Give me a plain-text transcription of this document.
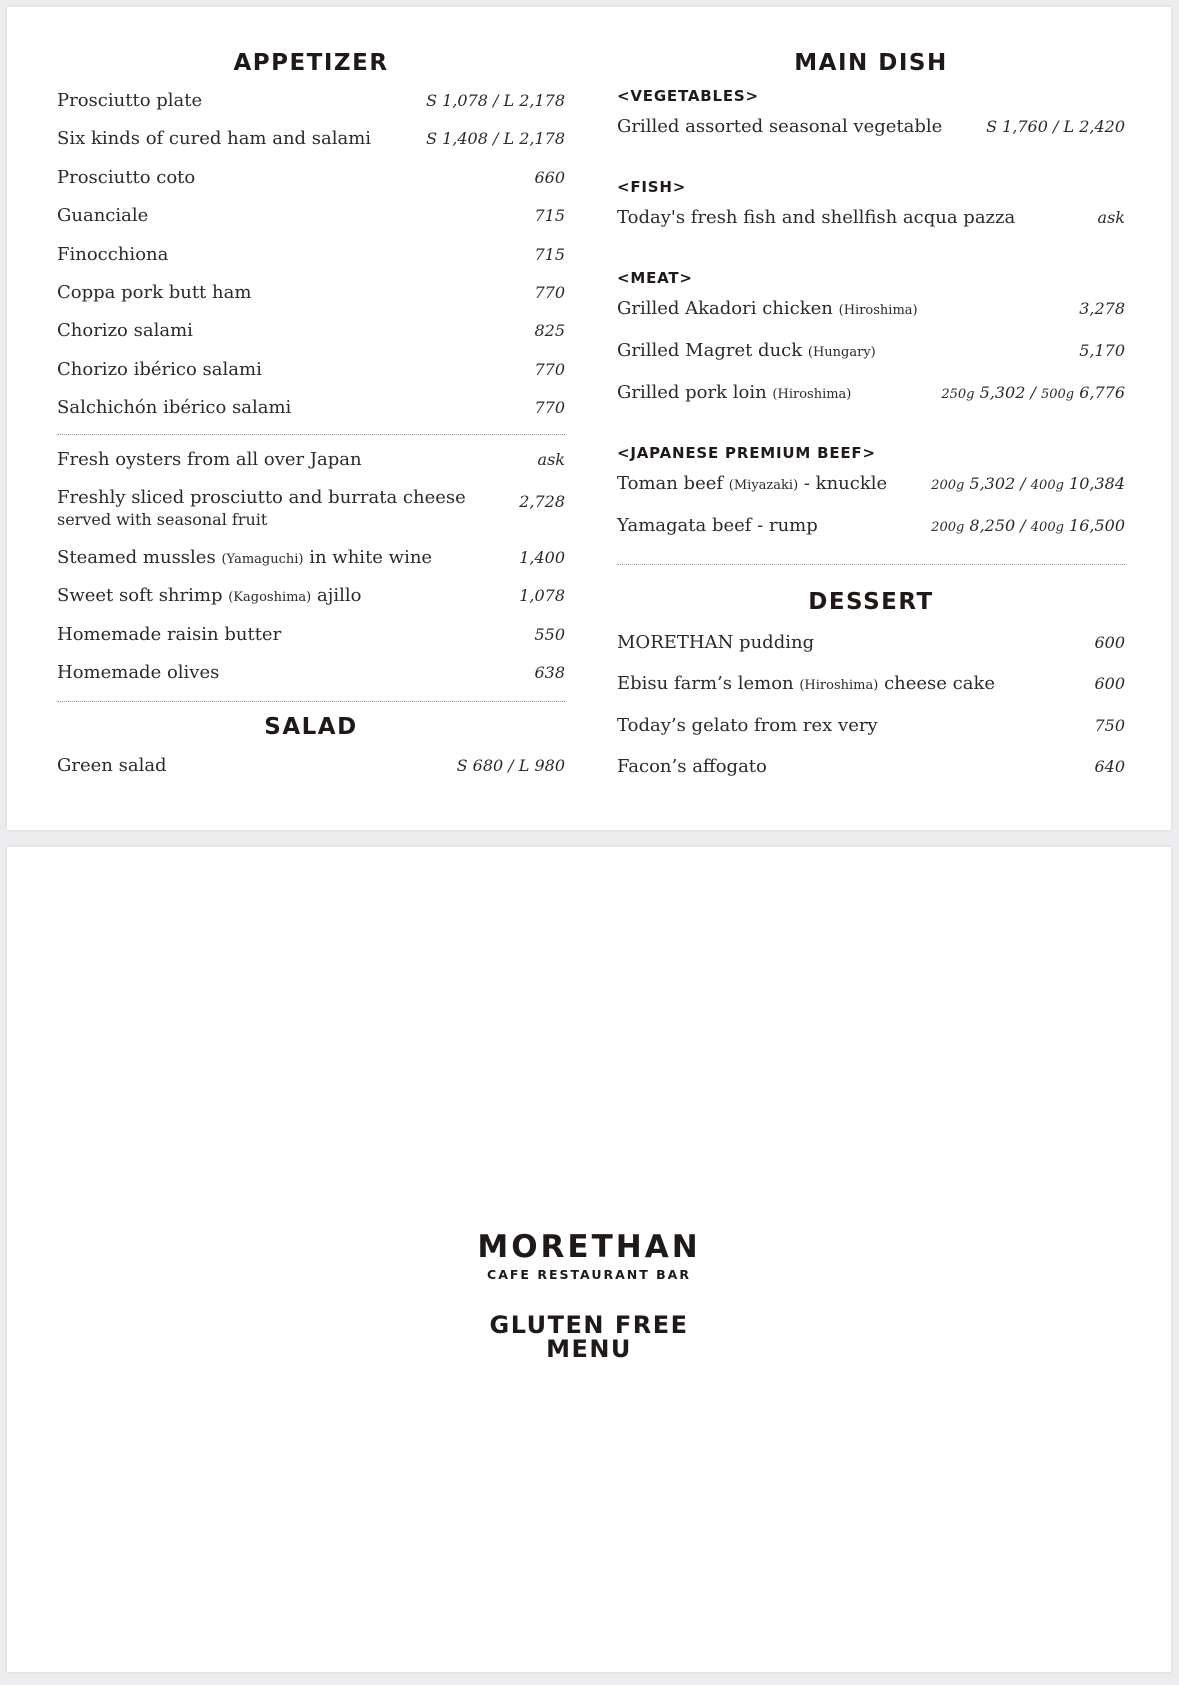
APPETIZER
Prosciutto plate	S 1,078 / L 2,178
Six kinds of cured ham and salami	S 1,408 / L 2,178
Prosciutto coto	660
Guanciale	715
Finocchiona	715
Coppa pork butt ham	770
Chorizo salami	825
Chorizo ibérico salami	770
Salchichón ibérico salami	770
Fresh oysters from all over Japan	ask
Freshly sliced prosciutto and burrata cheese	2,728
served with seasonal fruit
Steamed mussles (Yamaguchi) in white wine	1,400
Sweet soft shrimp (Kagoshima) ajillo	1,078
Homemade raisin butter	550
Homemade olives	638
SALAD
Green salad	S 680 / L 980
MAIN DISH
<VEGETABLES>
Grilled assorted seasonal vegetable	S 1,760 / L 2,420
<FISH>
Today's fresh fish and shellfish acqua pazza	ask
<MEAT>
Grilled Akadori chicken (Hiroshima)	3,278
Grilled Magret duck (Hungary)	5,170
Grilled pork loin (Hiroshima)	250g 5,302 / 500g 6,776
<JAPANESE PREMIUM BEEF>
Toman beef (Miyazaki) - knuckle	200g 5,302 / 400g 10,384
Yamagata beef - rump	200g 8,250 / 400g 16,500
DESSERT
MORETHAN pudding	600
Ebisu farm’s lemon (Hiroshima) cheese cake	600
Today’s gelato from rex very	750
Facon’s affogato	640
MORETHAN
CAFE RESTAURANT BAR
GLUTEN FREE
MENU
